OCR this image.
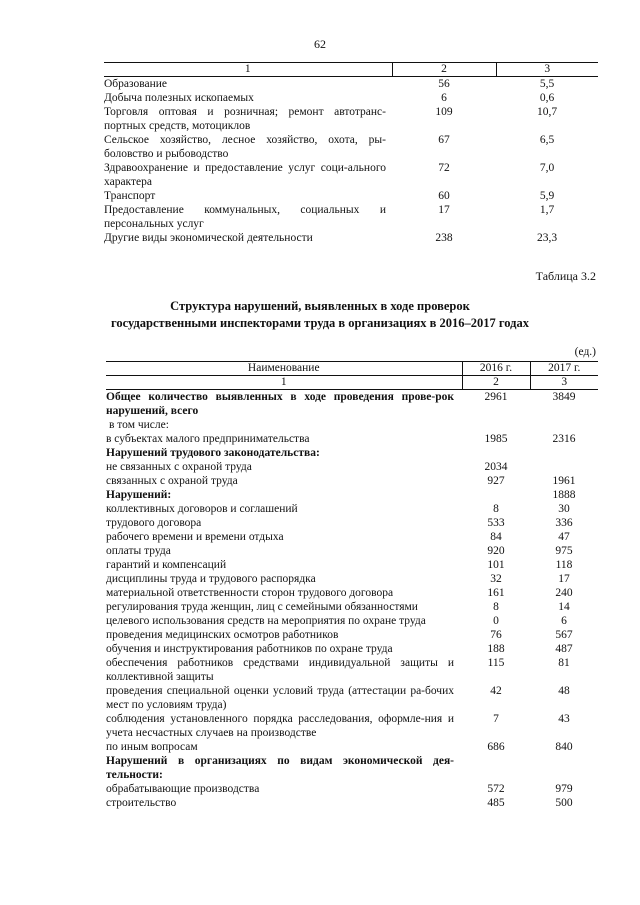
62
1	2	3
Образование	56	5,5
Добыча полезных ископаемых	6	0,6
Торговля оптовая и розничная; ремонт автотранс-портных средств, мотоциклов	109	10,7
Сельское хозяйство, лесное хозяйство, охота, ры-боловство и рыбоводство	67	6,5
Здравоохранение и предоставление услуг соци-ального характера	72	7,0
Транспорт	60	5,9
Предоставление коммунальных, социальных и персональных услуг	17	1,7
Другие виды экономической деятельности	238	23,3
Таблица 3.2
Структура нарушений, выявленных в ходе проверок
государственными инспекторами труда в организациях в 2016–2017 годах
(ед.)
Наименование	2016 г.	2017 г.
1	2	3
Общее количество выявленных в ходе проведения прове-рок нарушений, всего	2961	3849
в том числе:		
в субъектах малого предпринимательства	1985	2316
Нарушений трудового законодательства:		
не связанных с охраной труда	2034	
связанных с охраной труда	927	1961
Нарушений:		1888
коллективных договоров и соглашений	8	30
трудового договора	533	336
рабочего времени и времени отдыха	84	47
оплаты труда	920	975
гарантий и компенсаций	101	118
дисциплины труда и трудового распорядка	32	17
материальной ответственности сторон трудового договора	161	240
регулирования труда женщин, лиц с семейными обязанностями	8	14
целевого использования средств на мероприятия по охране труда	0	6
проведения медицинских осмотров работников	76	567
обучения и инструктирования работников по охране труда	188	487
обеспечения работников средствами индивидуальной защиты и коллективной защиты	115	81
проведения специальной оценки условий труда (аттестации ра-бочих мест по условиям труда)	42	48
соблюдения установленного порядка расследования, оформле-ния и учета несчастных случаев на производстве	7	43
по иным вопросам	686	840
Нарушений в организациях по видам экономической дея-тельности:		
обрабатывающие производства	572	979
строительство	485	500
